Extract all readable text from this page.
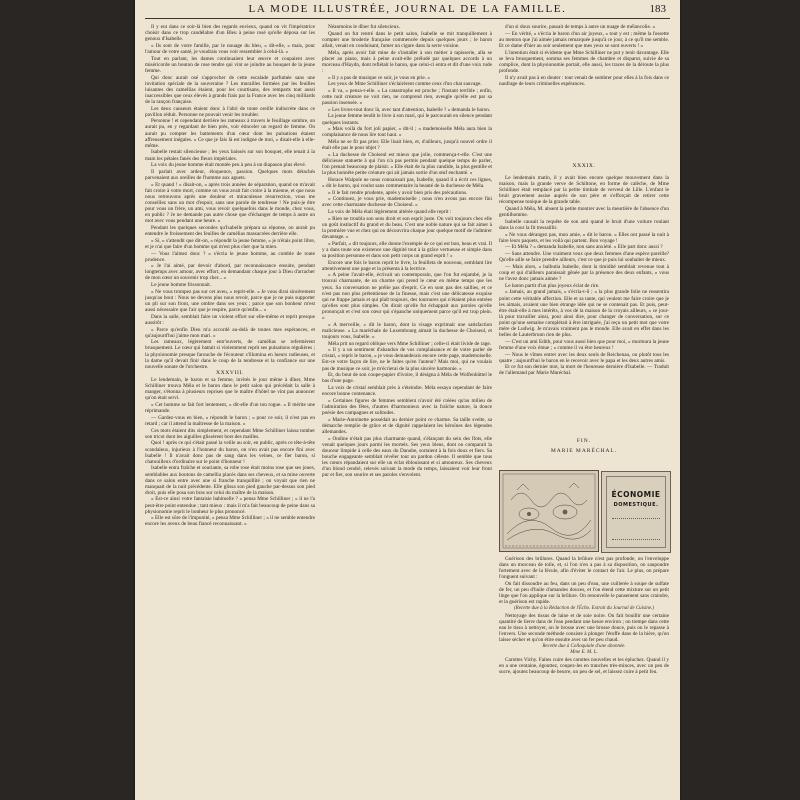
LA MODE ILLUSTRÉE, JOURNAL DE LA FAMILLE.	183

Il y eut dans ce soir-là bien des regards envieux, quand on vit l'impératrice choisir dans ce trop candélabre d'un Bleu à peine rosé qu'elle déposa sur les genoux d'Isabelle.

« Ils sont de votre famille, par le nouage du bleu, » dit-elle, « mais, pour l'amour de votre santé, je voudrais vous voir ressembler à celui-là. »

Tout en parlant, les dames continuaient leur œuvre et coupaient avec miséricorde un bouton de rose tendre qui vint se joindre au bouquet de la jeune femme.

Qui donc aurait osé s'approcher de cette escalade parfumée sans une invitation spéciale de la souveraine ? Les murailles formées par les feuilles luisantes des camellias étaient, pour les courtisans, des remparts tout aussi inaccessibles que ceux élevés à grands frais par la France avec les cinq milliards de la rançon française.

Les deux causeurs étaient donc à l'abri de toute oreille indiscrète dans ce pavillon réduit. Personne ne pouvait venir les troubler.

Personne ! et cependant derrière les rameaux à travers le feuillage sombre, on aurait pu, en y regardant de bien près, voir étinceler un regard de femme. On aurait pu compter les battements d'un cœur dont les pulsations étaient affreusement inégales. « Ce que je fais là est indigne de moi, » disait-elle à elle-même.

Isabelle restait silencieuse ; les yeux baissés sur son bouquet, elle tenait à la main les pétales fanés des fleurs impériales.

La voix du jeune homme était montée peu à peu à un diapason plus élevé.

Il parlait avec ardeur, éloquence, passion. Quelques mots détachés parvenaient aux oreilles de l'homme aux aguets.

« Et quand ! » disait-on, « après trois années de séparation, quand on m'avait fait croire à votre mort, comme on vous avait fait croire à la mienne, et que nous nous retrouvons après une douleur et miraculeuse résurrection, vous me conseillez sans un mot d'espoir, sans une parole de tendresse ! Ne puis-je être pour vous un frère, un ami, vous revoir quelquefois dans le monde, chez vous, en public ? Je ne demande pas autre chose que d'échanger de temps à autre un mot avec vous pendant une heure. »

Pendant les quelques secondes qu'Isabelle prépara sa réponse, on aurait pu entendre le froissement des feuilles de camélias massacrées derrière elle.

« Si, » s'attendit que dit-on, « répondit la jeune femme, » je n'étais point libre, et je n'ai que faire d'un homme qui m'est plus cher que la mien.

— Vous l'aimez donc ? » s'écria le jeune homme, au comble de toute prudence.

« Je l'ai aimé, par devoir d'abord, par reconnaissance ensuite, pendant longtemps avec amour, avec effort, en demandant chaque jour à Dieu d'arracher de mon cœur un souvenir trop cher... »

Le jeune homme frissonnait.

« Ne vous trompez pas sur cet aveu, » reprit-elle. « Je vous dirai sincèrement jusqu'au bout : Nous ne devons plus nous revoir, parce que je ne puis supporter un pli sur son front, une ombre dans ses yeux ; parce que son bonheur m'est aussi nécessaire que l'air que je respire, parce qu'enfin... »

Dans la salle, semblait faire un violent effort sur elle-même et reprit presque aussitôt :

« Parce qu'enfin Dieu m'a accordé au-delà de toutes mes espérances, et qu'aujourd'hui j'aime mon mari. »

Les rameaux, légèrement entr'ouverts, de camélias se refermèrent brusquement. Le cœur qui battait si violemment reprit ses pulsations régulières ; la physionomie presque farouche de l'écouteur s'illumina en lueurs radieuses, et la dame qu'il devait finir dans le coup de la tendresse et la confiance sur une nouvelle sonate de l'orchestre.

XXXVIII.

Le lendemain, le baron et sa femme, invités le jour même à dîner, Mme Schilliner trouva Méla et le baron dans le petit salon qui précédait la salle à manger, s'étonna à plusieurs reprises que le maître d'hôtel ne vint pas annoncer qu'on était servi.

« Cet homme se fait fort lentement, » dit-elle d'un ton rogue. « Il mérite une réprimande.

— Gardez-vous en bien, » répondit le baron ; « pour ce soir, il n'est pas en retard ; car il attend la maîtresse de la maison. »

Ces mots étaient dits simplement, et cependant Mme Schilliner laissa tomber son tricot dont les aiguilles glissèrent hors des mailles.

Quoi ! après ce qui s'était passé la veille au soir, en public, après ce tête-à-tête scandaleux, injurieux à l'honneur du baron, on n'en avait pas encore fini avec Isabelle ! Il n'avait donc pas de sang dans les veines, ce fier baron, si chatouilleux d'ordinaire sur le point d'honneur !

Isabelle entra fraîche et souriante, sa robe rose était moins rose que ses joues, semblables aux boutons de camellia placés dans ses cheveux, et sa mine ouverte dans ce salon entre avec une si franche tranquillité ; on voyait que rien ne manquait de la nuit précédente. Elle glissa son pied gauche par-dessus son pied droit, puis elle posa son bras sur celui du maître de la maison.

« Est-ce ainsi votre fantaisie habituelle ? » pensa Mme Schilliner ; « il ne l'a peut-être point entendue ; tant mieux : mais il m'a fait beaucoup de peine dans sa physionomie reprit le bonheur le plus prononcé.

« Elle est sûre de l'impunité, » pensa Mme Schilliner ; « il ne semble entendre encore les aveux de beau fiancé reconnaissant. »

Néanmoins le dîner fut silencieux.

Quand on fut rentré dans le petit salon, Isabelle se mit tranquillement à compter une broderie française commencée depuis quelques jours ; le baron allait, venait en conduisant, fumer un cigare dans la serre voisine.

Méla, après avoir fait mine de s'installer à son métier à tapisserie, alla se placer au piano, mais à peine avait-elle préludé par quelques accords à un morceau d'Haydn, dont reflétait le baron, que celui-ci entra et dit d'une voix rude :

« Il y a pas de musique ce soir, je vous en prie. »

Les yeux de Mme Schilliner s'éclairèrent comme ceux d'un chat sauvage.

« Il va, » pensa-t-elle. « La catastrophe est proche ; l'instant terrible ; enfin, cette nuit créature ne voit rien, ne comprend rien, aveugle qu'elle est par sa passion insensée. »

« Les livres-tout donc là, avec tant d'attention, Isabelle ? » demanda le baron.

La jeune femme tendit le livre à son mari, qui le parcourait en silence pendant quelques instants.

« Mais voilà du fort joli papier, » dit-il ; « mademoiselle Méla aura bien la complaisance de nous lire tout haut. »

Méla ne se fit pas prier. Elle lisait bien, et, d'ailleurs, jusqu'à nouvel ordre il était elle pas le pour objet ?

« La duchesse de Choiseul est mieux que jolie, commença-t-elle. C'est une délicieuse statuette à qui l'on n'a pas permis pendant quelque temps de parler, l'on prenait beaucoup de plaisir. » Elle était de la plus candide, la plus gentille et la plus honnête petite créature qui ait jamais sortie d'un œuf enchanté. »

Horace Walpole ne nous connaissait pas, Isabelle, quand il a écrit ces lignes, » dit le baron, qui voulut sans commentaire la beauté de la duchesse de Méla.

« Il le fait rendre prudente, après y avoir bien pris des précautions.

« Continuez, je vous prie, mademoiselle ; nous n'en avons pas encore fini avec cette charmante duchesse de Choiseul. »

La voix de Méla était légèrement altérée quand elle reprit :

« Rien ne troubla son sens droit et son esprit juste. On voit toujours chez elle un goût instinctif du grand et du beau. C'est une noble nature qui se fait aimer à la première vue et chez qui on découvrira chaque jour quelque motif de l'admirer davantage. »

« Parfait, » dit toujours, elle donne l'exemple de ce qui est bon, beau et vrai. Il y a dans toute son existence une dignité tout à la grâce vertueuse et simple dans sa position personne et dans son petit corps un grand esprit ! »

Encore une fois le baron reprit le livre, la feuilleta de nouveau, semblant lire attentivement une page et la présenta à la lectrice.

« A peine l'avait-elle, écrivait un contemporain, que l'on fut enjambé, je la trouvai charmante, de un charme qui prend le cœur en même temps que les yeux. Sa conversation ne prélie pas d'esprit. Ce en sont pas des saillies, et ce n'est pas non plus prétentieuse de la finesse, mais c'est une délicatesse exquise qui ne frappe jamais et qui plaît toujours, des tournures qui n'étaient plus entrées qu'elles sont plus simples. On dirait qu'elle fut échappait aux paroles qu'elle prononçait et c'est son cœur qui s'épanche uniquement parce qu'il est trop plein. »

« A merveille, » dit le baron, dont la visage exprimait une satisfaction malicieuse. « La maréchale de Luxembourg aimait la duchesse de Choiseul, et toujours vous, Isabelle. »

Méla prit un regard oblique vers Mme Schilliner ; celle-ci était livide de rage.

« Il y a un sentiment d'abandon de vos complaisance et de votre parler de cristal, » reprit le baron, « je vous demanderais encore cette page, mademoiselle. Est-ce votre façon de lire, ne le faites qu'en l'auteur? Mais moi, qui ne voulais pas de musique ce soir, je m'écrierai de la plus sincère harmonie. »

Et, du bout de son coupe-papier d'ivoire, il désigna à Méla de Wolfenbüttel le bas d'une page.

La voix de cristal semblait près à s'éteindre. Méla essaya cependant de faire encore bonne contenance.

« Certaines figures de femmes semblent n'avoir été créées qu'au milieu de l'admiration des fêtes, d'autres d'harmonieux avec la fraîche nature, la douce poésie des campagnes et solitudes.

« Marie-Antoinette possédait au dernier point ce charme. Sa taille svelte, sa démarche remplie de grâce et de dignité rappelaient les héroïnes des légendes allemandes.

« Ondine n'était pas plus charmante quand, s'élançant du sein des flots, elle venait quelques jours parmi les mortels. Ses yeux bleus, dont on comparait la douceur limpide à celle des eaux du Danube, sortaient à la fois doux et fiers. Sa bouche engageante semblait révéler tout un pardon céleste. Il semble que tous les cœurs répandaient sur elle un éclat éblouissant et si amoureux. Ses cheveux d'un blond cendré, relevés suivant la mode du temps, laissaient voir leur front pur et fier, son sourire et ses paroles s'envolent.

d'un si doux sourire, passait de temps à autre un nuage de mélancolie. »

— En vérité, » s'écria le baron d'un air joyeux, « tout y est ; même la fossette au menton que j'ai aimée jamais remarquée jusqu'à ce jour, à ce qu'il me semble. Et ce dame d'hier au soir seulement que mes yeux se sont ouverts ! »

L'intention était si évidente que Mme Schilliner ne put y tenir davantage. Elle se leva brusquement, somma ses femmes de chambre et disparut, suivie de sa complice, dont la physionomie portait, elle aussi, les traces de la déroute la plus profonde.

Il n'y avait pas à en douter : tout venait de sombrer pour elles à la fois dans ce naufrage de leurs criminelles espérances.

XXXIX.

Le lendemain matin, il y avait bien encore quelque mouvement dans la maison, mais la grande verve de Schiltone, en forme de calèche, de Mme Schilliner était remplacé par la petite timbale de verveul de Lille. L'enfant le bruit gravement assise auprès de son père et s'efforçait de retirer cette récompense tonique de la grande table.

Quand à Méla, M. absent la petite montrer avec la meurtière de l'absence d'un gentilhomme.

Isabelle causait la requête de son ami quand le bruit d'une voiture roulant dans la cour la fit tressaillir.

« Ne vous dérangez pas, mon amie, » dit le baron. « Elles ont passé la nuit à faire leurs paquets, et les voilà qui partent. Bon voyage !

— Et Méla ? » demanda Isabelle, non sans anxiété. « Elle part donc aussi ?

— Sans attendre. Une vraiment veux que deux femmes d'une espèce pareille? Qu'elle aille se faire prendre ailleurs, c'est ce que je puis lui souhaiter de mieux.

— Mais alors, » balbutia Isabelle, dont la timidité semblait revenue tout à coup et qui d'ailleurs paraissait gênée par la présence des deux enfants, « vous ne l'avez donc jamais aimée ?

Le baron partit d'un plus joyeux éclat de rire.

« Jamais, au grand jamais, » s'écria-t-il ; « la plus grande folie ne ressentira point cette véritable affection. Elle et sa tante, qui veulent me faire croire que je les aimais, avaient une bien étrange idée qui ne se contenait pas. Et puis, peut-être était-elle à mes intérêts, à vos dé la maison de la croyais ailleurs, » ce jour-là pour travailler ainsi, pour ainsi dire, pour changer de conversation, sur ce point qu'une semaine complétait à être intriguée, j'ai reçu un petit mot que votre mère de Ludwig. Je m'avais vraiment pas le monde. Elle avait en effet dans les belles de Lauterbrunn rien de plus.

— C'est un ami Edith, pour vous aussi bien que pour moi, » murmura la jeune femme d'une voix émue ; « comme il va être heureux !

— Nous le vîmes entrer avec les deux seuls de Reichenau, ou plutôt tous les quatre ; aujourd'hui le baron en le recevoir avec le papa et les deux autres amis.

Et ce fut son dernier mot, la mort de l'heureuse dernière d'Isabelle. — Traduit de l'allemand par Marie Maréchal.

FIN.
MARIE MARÉCHAL.
ÉCONOMIE
DOMESTIQUE.

Guérison des brûlures. Quand la brûlure n'est pas profonde, on l'enveloppe dans un morceau de toile, et, si l'on n'en a pas à sa disposition, on saupoudre fortement avec de la fécule, afin d'éviter le contact de l'air. Le plus, on prépare l'onguent suivant :

On fait dissoudre au feu, dans un peu d'eau, une cuillerée à soupe de sulfate de fer, un peu d'huile d'amandes douces, et l'on étend cette mixture sur un petit linge que l'on applique sur la brûlure. On renouvelle le pansement sans craindre, et la guérison est rapide.

(Recette due à la Rédaction de l'Écho. Extrait du Journal de Cuisine.)

Nettoyage des tissus de laine et de soie noire. On fait bouillir une certaine quantité de lierre dans de l'eau pendant une heure environ ; on trempe dans cette eau le tissu à nettoyer, on le brosse avec une brosse douce, puis on le repasse à l'envers. Une seconde méthode consiste à plonger l'étoffe dans de la bière, qu'on laisse sécher et qu'on étire ensuite avec un fer peu chaud.

Recette due à Colloquiale d'une abonnée.

Mme E. M. L.

Carottes Vichy. Faites cuire des carottes nouvelles et les épluchez. Quand il y en a une centaine, égouttez, coupez-les en tranches très-minces, avec un peu de sucre, ajoutez beaucoup de beurre, un peu de sel, et laissez cuire à petit feu.
